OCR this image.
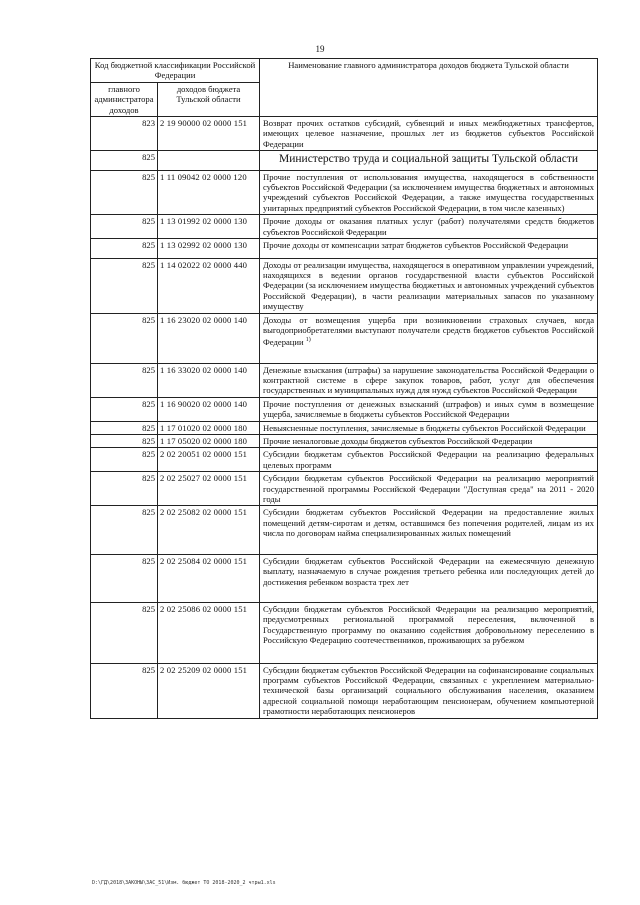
19
Код бюджетной классификации Российской Федерации		Наименование главного администратора доходов бюджета Тульской области
главного администратора доходов	доходов бюджета Тульской области	
823	2 19 90000 02 0000 151	Возврат прочих остатков субсидий, субвенций и иных межбюджетных трансфертов, имеющих целевое назначение, прошлых лет из бюджетов субъектов Российской Федерации
825		Министерство труда и социальной защиты Тульской области
825	1 11 09042 02 0000 120	Прочие поступления от использования имущества, находящегося в собственности субъектов Российской Федерации (за исключением имущества бюджетных и автономных учреждений субъектов Российской Федерации, а также имущества государственных унитарных предприятий субъектов Российской Федерации, в том числе казенных)
825	1 13 01992 02 0000 130	Прочие доходы от оказания платных услуг (работ) получателями средств бюджетов субъектов Российской Федерации
825	1 13 02992 02 0000 130	Прочие доходы от компенсации затрат бюджетов субъектов Российской Федерации

825	1 14 02022 02 0000 440	Доходы от реализации имущества, находящегося в оперативном управлении учреждений, находящихся в ведении органов государственной власти субъектов Российской Федерации (за исключением имущества бюджетных и автономных учреждений субъектов Российской Федерации), в части реализации материальных запасов по указанному имуществу
825	1 16 23020 02 0000 140	Доходы от возмещения ущерба при возникновении страховых случаев, когда выгодоприобретателями выступают получатели средств бюджетов субъектов Российской Федерации $^{1)}$

825	1 16 33020 02 0000 140	Денежные взыскания (штрафы) за нарушение законодательства Российской Федерации о контрактной системе в сфере закупок товаров, работ, услуг для обеспечения государственных и муниципальных нужд для нужд субъектов Российской Федерации
825	1 16 90020 02 0000 140	Прочие поступления от денежных взысканий (штрафов) и иных сумм в возмещение ущерба, зачисляемые в бюджеты субъектов Российской Федерации
825	1 17 01020 02 0000 180	Невыясненные поступления, зачисляемые в бюджеты субъектов Российской Федерации
825	1 17 05020 02 0000 180	Прочие неналоговые доходы бюджетов субъектов Российской Федерации
825	2 02 20051 02 0000 151	Субсидии бюджетам субъектов Российской Федерации на реализацию федеральных целевых программ
825	2 02 25027 02 0000 151	Субсидии бюджетам субъектов Российской Федерации на реализацию мероприятий государственной программы Российской Федерации "Доступная среда" на 2011 - 2020 годы
825	2 02 25082 02 0000 151	Субсидии бюджетам субъектов Российской Федерации на предоставление жилых помещений детям-сиротам и детям, оставшимся без попечения родителей, лицам из их числа по договорам найма специализированных жилых помещений

825	2 02 25084 02 0000 151	Субсидии бюджетам субъектов Российской Федерации на ежемесячную денежную выплату, назначаемую в случае рождения третьего ребенка или последующих детей до достижения ребенком возраста трех лет

825	2 02 25086 02 0000 151	Субсидии бюджетам субъектов Российской Федерации на реализацию мероприятий, предусмотренных региональной программой переселения, включенной в Государственную программу по оказанию содействия добровольному переселению в Российскую Федерацию соотечественников, проживающих за рубежом

825	2 02 25209 02 0000 151	Субсидии бюджетам субъектов Российской Федерации на софинансирование социальных программ субъектов Российской Федерации, связанных с укреплением материально-технической базы организаций социального обслуживания населения, оказанием адресной социальной помощи неработающим пенсионерам, обучением компьютерной грамотности неработающих пенсионеров
D:\ГД\2018\ЗАКОНЫ\ЗАС_51\Изм. бюджет ТО 2018-2020_2 чтры1.xls
